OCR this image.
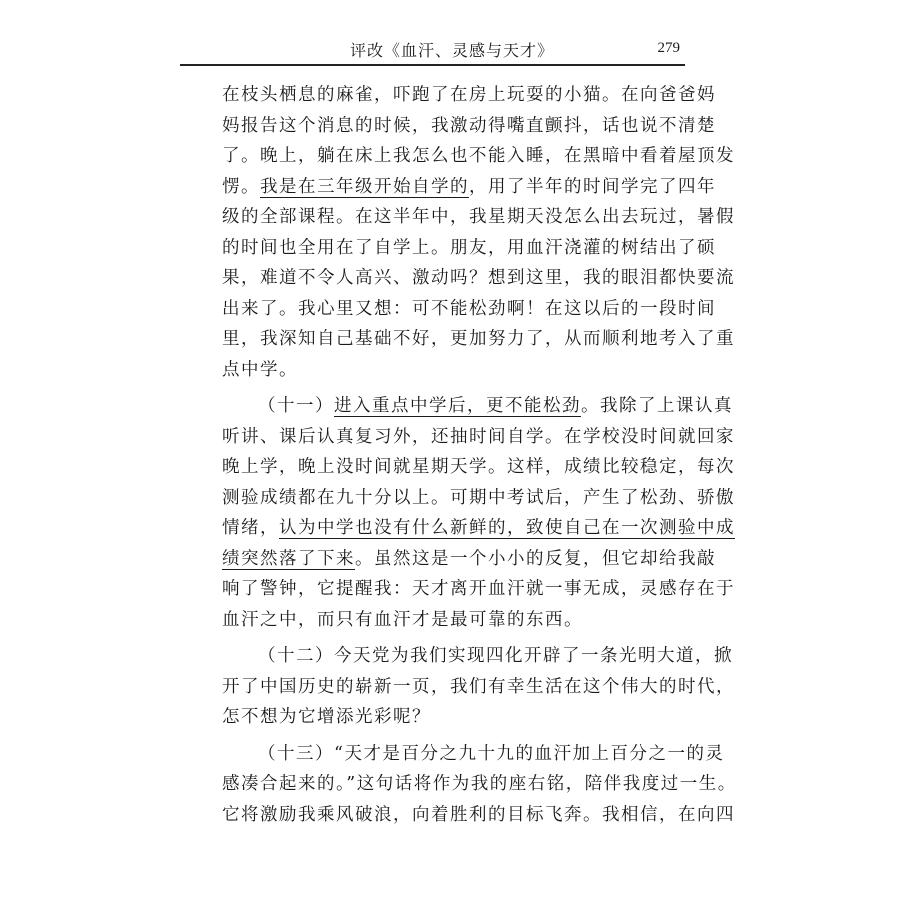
评改《血汗、灵感与天才》	279
在枝头栖息的麻雀，吓跑了在房上玩耍的小猫。在向爸爸妈
妈报告这个消息的时候，我激动得嘴直颤抖，话也说不清楚
了。晚上，躺在床上我怎么也不能入睡，在黑暗中看着屋顶发
愣。我是在三年级开始自学的，用了半年的时间学完了四年
级的全部课程。在这半年中，我星期天没怎么出去玩过，暑假
的时间也全用在了自学上。朋友，用血汗浇灌的树结出了硕
果，难道不令人高兴、激动吗？想到这里，我的眼泪都快要流
出来了。我心里又想：可不能松劲啊！在这以后的一段时间
里，我深知自己基础不好，更加努力了，从而顺利地考入了重
点中学。
（十一）进入重点中学后，更不能松劲。我除了上课认真
听讲、课后认真复习外，还抽时间自学。在学校没时间就回家
晚上学，晚上没时间就星期天学。这样，成绩比较稳定，每次
测验成绩都在九十分以上。可期中考试后，产生了松劲、骄傲
情绪，认为中学也没有什么新鲜的，致使自己在一次测验中成
绩突然落了下来。虽然这是一个小小的反复，但它却给我敲
响了警钟，它提醒我：天才离开血汗就一事无成，灵感存在于
血汗之中，而只有血汗才是最可靠的东西。
（十二）今天党为我们实现四化开辟了一条光明大道，掀
开了中国历史的崭新一页，我们有幸生活在这个伟大的时代，
怎不想为它增添光彩呢？
（十三）“天才是百分之九十九的血汗加上百分之一的灵
感凑合起来的。”这句话将作为我的座右铭，陪伴我度过一生。
它将激励我乘风破浪，向着胜利的目标飞奔。我相信，在向四
